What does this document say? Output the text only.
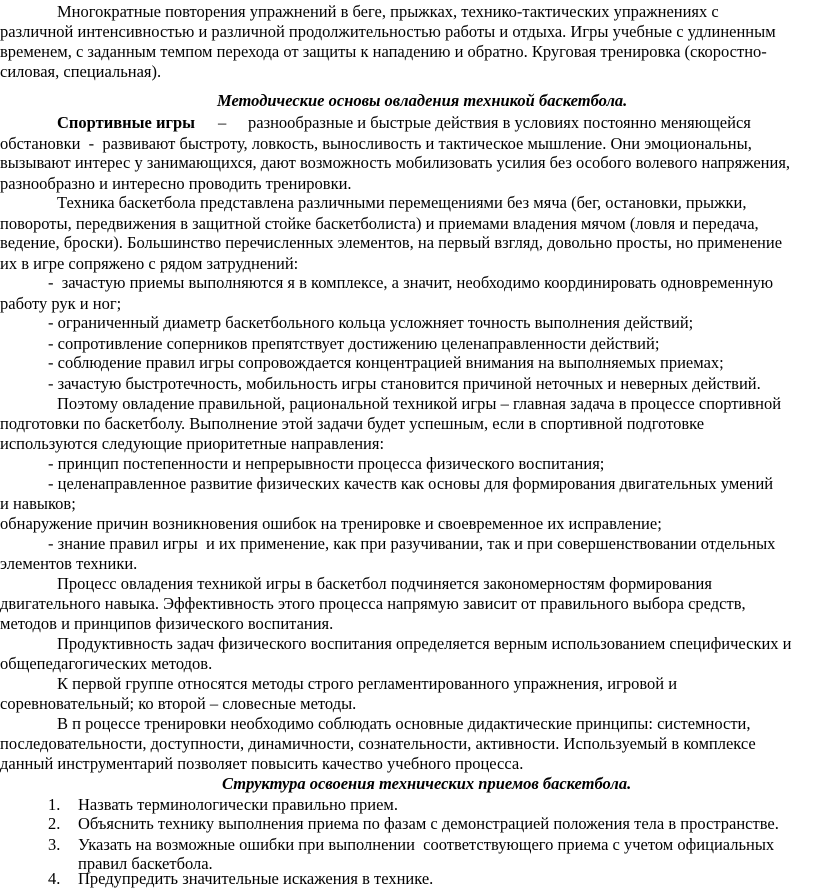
Многократные повторения упражнений в беге, прыжках, технико-тактических упражнениях с
различной интенсивностью и различной продолжительностью работы и отдыха. Игры учебные с удлиненным
временем, с заданным темпом перехода от защиты к нападению и обратно. Круговая тренировка (скоростно-
силовая, специальная).
Методические основы овладения техникой баскетбола.
Спортивные игры – разнообразные и быстрые действия в условиях постоянно меняющейся
обстановки  -  развивают быстроту, ловкость, выносливость и тактическое мышление. Они эмоциональны,
вызывают интерес у занимающихся, дают возможность мобилизовать усилия без особого волевого напряжения,
разнообразно и интересно проводить тренировки.
Техника баскетбола представлена различными перемещениями без мяча (бег, остановки, прыжки,
повороты, передвижения в защитной стойке баскетболиста) и приемами владения мячом (ловля и передача,
ведение, броски). Большинство перечисленных элементов, на первый взгляд, довольно просты, но применение
их в игре сопряжено с рядом затруднений:
-  зачастую приемы выполняются я в комплексе, а значит, необходимо координировать одновременную
работу рук и ног;
- ограниченный диаметр баскетбольного кольца усложняет точность выполнения действий;
- сопротивление соперников препятствует достижению целенаправленности действий;
- соблюдение правил игры сопровождается концентрацией внимания на выполняемых приемах;
- зачастую быстротечность, мобильность игры становится причиной неточных и неверных действий.
Поэтому овладение правильной, рациональной техникой игры – главная задача в процессе спортивной
подготовки по баскетболу. Выполнение этой задачи будет успешным, если в спортивной подготовке
используются следующие приоритетные направления:
- принцип постепенности и непрерывности процесса физического воспитания;
- целенаправленное развитие физических качеств как основы для формирования двигательных умений
и навыков;
обнаружение причин возникновения ошибок на тренировке и своевременное их исправление;
- знание правил игры  и их применение, как при разучивании, так и при совершенствовании отдельных
элементов техники.
Процесс овладения техникой игры в баскетбол подчиняется закономерностям формирования
двигательного навыка. Эффективность этого процесса напрямую зависит от правильного выбора средств,
методов и принципов физического воспитания.
Продуктивность задач физического воспитания определяется верным использованием специфических и
общепедагогических методов.
К первой группе относятся методы строго регламентированного упражнения, игровой и
соревновательный; ко второй – словесные методы.
В п роцессе тренировки необходимо соблюдать основные дидактические принципы: системности,
последовательности, доступности, динамичности, сознательности, активности. Используемый в комплексе
данный инструментарий позволяет повысить качество учебного процесса.
Структура освоения технических приемов баскетбола.
1. Назвать терминологически правильно прием.
2. Объяснить технику выполнения приема по фазам с демонстрацией положения тела в пространстве.
3. Указать на возможные ошибки при выполнении  соответствующего приема с учетом официальных
правил баскетбола.
4. Предупредить значительные искажения в технике.
